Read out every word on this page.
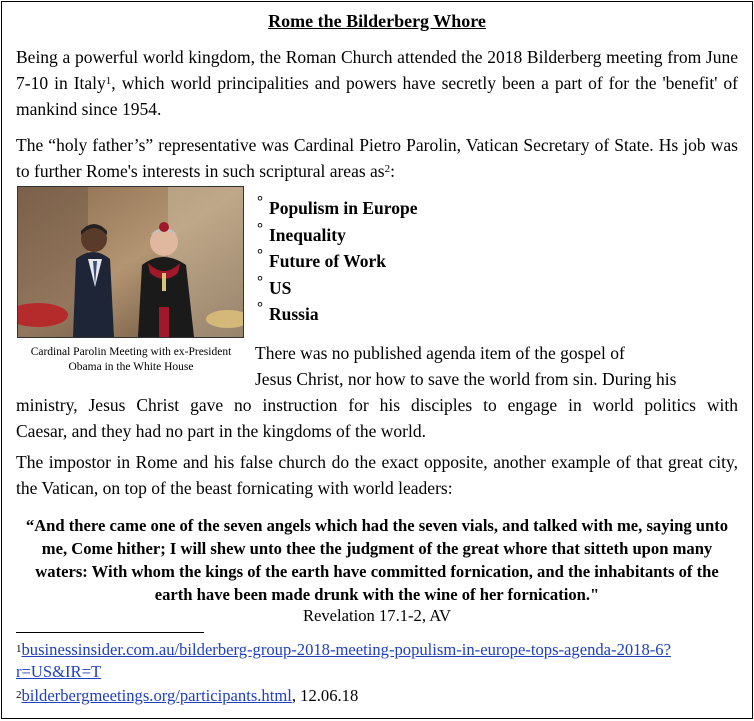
Rome the Bilderberg Whore

Being a powerful world kingdom, the Roman Church attended the 2018 Bilderberg meeting from June 7-10 in Italy$^1$, which world principalities and powers have secretly been a part of for the 'benefit' of mankind since 1954.

The “holy father’s” representative was Cardinal Pietro Parolin, Vatican Secretary of State. Hs job was to further Rome's interests in such scriptural areas $as^2$:

Cardinal Parolin Meeting with ex-President Obama in the White House
° Populism in Europe
° Inequality
° Future of Work
° US
° Russia
There was no published agenda item of the gospel of
Jesus Christ, nor how to save the world from sin. During his
ministry, Jesus Christ gave no instruction for his disciples to engage in world politics with
Caesar, and they had no part in the kingdoms of the world.

The impostor in Rome and his false church do the exact opposite, another example of that great city, the Vatican, on top of the beast fornicating with world leaders:

“And there came one of the seven angels which had the seven vials, and talked with me, saying unto me, Come hither; I will shew unto thee the judgment of the great whore that sitteth upon many waters: With whom the kings of the earth have committed fornication, and the inhabitants of the earth have been made drunk with the wine of her fornication."
Revelation 17.1-2, AV
$^1$businessinsider.com.au/bilderberg-group-2018-meeting-populism-in-europe-tops-agenda-2018-6?r=US&IR=T
$^2$bilderbergmeetings.org/participants.html, 12.06.18
